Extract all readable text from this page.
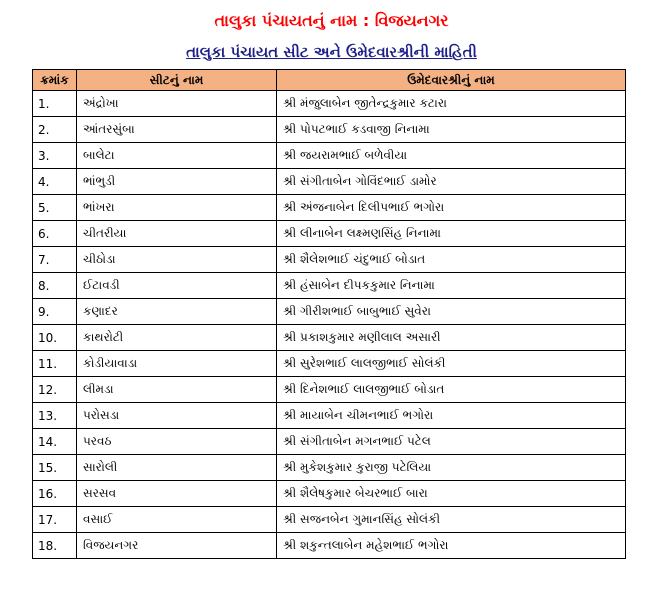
તાલુકા પંચાયતનું નામ : વિજયનગર
તાલુકા પંચાયત સીટ અને ઉમેદવારશ્રીની માહિતી
ક્રમાંક	સીટનું નામ	ઉમેદવારશ્રીનું નામ
1.	અંદ્રોખા	શ્રી મંજુલાબેન જીતેન્દ્રકુમાર કટારા
2.	આંતરસુંબા	શ્રી પોપટભાઈ કડવાજી નિનામા
3.	બાલેટા	શ્રી જયરામભાઈ બળેવીયા
4.	ભાંભુડી	શ્રી સંગીતાબેન ગોવિંદભાઈ ડામોર
5.	ભાંખરા	શ્રી અંજનાબેન દિલીપભાઈ ભગોરા
6.	ચીતરીયા	શ્રી લીનાબેન લક્ષ્મણસિંહ નિનામા
7.	ચીઠોડા	શ્રી શૈલેશભાઈ ચંદુભાઈ બોડાત
8.	ઈટાવડી	શ્રી હંસાબેન દીપકકુમાર નિનામા
9.	કણાદર	શ્રી ગીરીશભાઈ બાબુભાઈ સુવેરા
10.	કાથરોટી	શ્રી પ્રકાશકુમાર મણીલાલ અસારી
11.	કોડીયાવાડા	શ્રી સુરેશભાઈ લાલજીભાઈ સોલંકી
12.	લીમડા	શ્રી દિનેશભાઈ લાલજીભાઈ બોડાત
13.	પરોસડા	શ્રી માયાબેન ચીમનભાઈ ભગોરા
14.	પરવઠ	શ્રી સંગીતાબેન મગનભાઈ પટેલ
15.	સારોલી	શ્રી મુકેશકુમાર કુરાજી પટેલિયા
16.	સરસવ	શ્રી શૈલેષકુમાર બેચરભાઈ બારા
17.	વસાઈ	શ્રી સજનબેન ગુમાનસિંહ સોલંકી
18.	વિજયનગર	શ્રી શકુન્તલાબેન મહેશભાઈ ભગોરા
